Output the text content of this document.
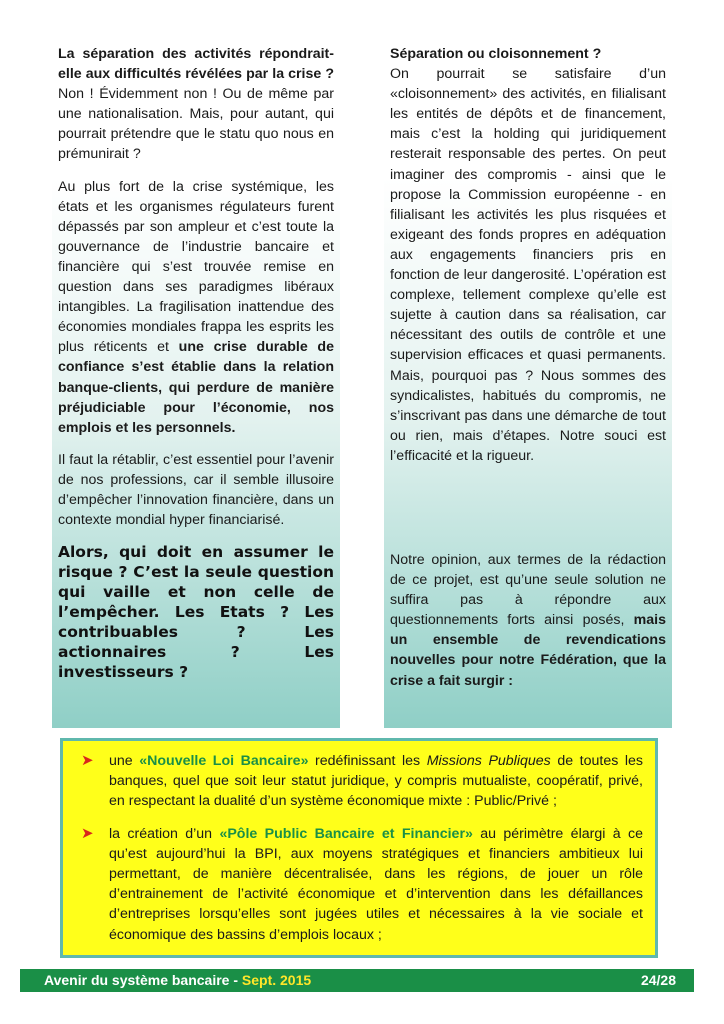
La séparation des activités répondrait-elle aux difficultés révélées par la crise ? Non ! Évidemment non ! Ou de même par une nationalisation. Mais, pour autant, qui pourrait prétendre que le statu quo nous en prémunirait ?

Au plus fort de la crise systémique, les états et les organismes régulateurs furent dépassés par son ampleur et c’est toute la gouvernance de l’industrie bancaire et financière qui s’est trouvée remise en question dans ses paradigmes libéraux intangibles. La fragilisation inattendue des économies mondiales frappa les esprits les plus réticents et une crise durable de confiance s’est établie dans la relation banque-clients, qui perdure de manière préjudiciable pour l’économie, nos emplois et les personnels.

Il faut la rétablir, c’est essentiel pour l’avenir de nos professions, car il semble illusoire d’empêcher l’innovation financière, dans un contexte mondial hyper financiarisé.

Alors, qui doit en assumer le risque ? C’est la seule question qui vaille et non celle de l’empêcher. Les Etats ? Les contribuables ? Les actionnaires ? Les investisseurs ?

Séparation ou cloisonnement ?

On pourrait se satisfaire d’un «cloisonnement» des activités, en filialisant les entités de dépôts et de financement, mais c’est la holding qui juridiquement resterait responsable des pertes. On peut imaginer des compromis - ainsi que le propose la Commission européenne - en filialisant les activités les plus risquées et exigeant des fonds propres en adéquation aux engagements financiers pris en fonction de leur dangerosité. L’opération est complexe, tellement complexe qu’elle est sujette à caution dans sa réalisation, car nécessitant des outils de contrôle et une supervision efficaces et quasi permanents. Mais, pourquoi pas ? Nous sommes des syndicalistes, habitués du compromis, ne s’inscrivant pas dans une démarche de tout ou rien, mais d’étapes. Notre souci est l’efficacité et la rigueur.

Notre opinion, aux termes de la rédaction de ce projet, est qu’une seule solution ne suffira pas à répondre aux questionnements forts ainsi posés, mais un ensemble de revendications nouvelles pour notre Fédération, que la crise a fait surgir :

➤ une «Nouvelle Loi Bancaire» redéfinissant les Missions Publiques de toutes les banques, quel que soit leur statut juridique, y compris mutualiste, coopératif, privé, en respectant la dualité d’un système économique mixte : Public/Privé ;
➤ la création d’un «Pôle Public Bancaire et Financier» au périmètre élargi à ce qu’est aujourd’hui la BPI, aux moyens stratégiques et financiers ambitieux lui permettant, de manière décentralisée, dans les régions, de jouer un rôle d’entrainement de l’activité économique et d’intervention dans les défaillances d’entreprises lorsqu’elles sont jugées utiles et nécessaires à la vie sociale et économique des bassins d’emplois locaux ;
Avenir du système bancaire - Sept. 2015	24/28
